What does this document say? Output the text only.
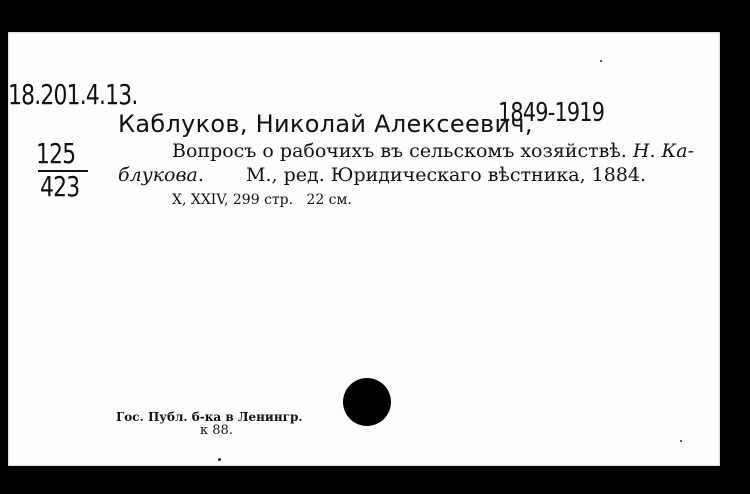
18.201.4.13.
125
423
Каблуков, Николай Алексеевич,
1849-1919
Вопросъ о рабочихъ въ сельскомъ хозяйствѣ. Н. Ка-
блукова. М., ред. Юридическаго вѣстника, 1884.
X, XXIV, 299 стр.   22 см.
Гос. Публ. б-ка в Ленингр.
к 88.
